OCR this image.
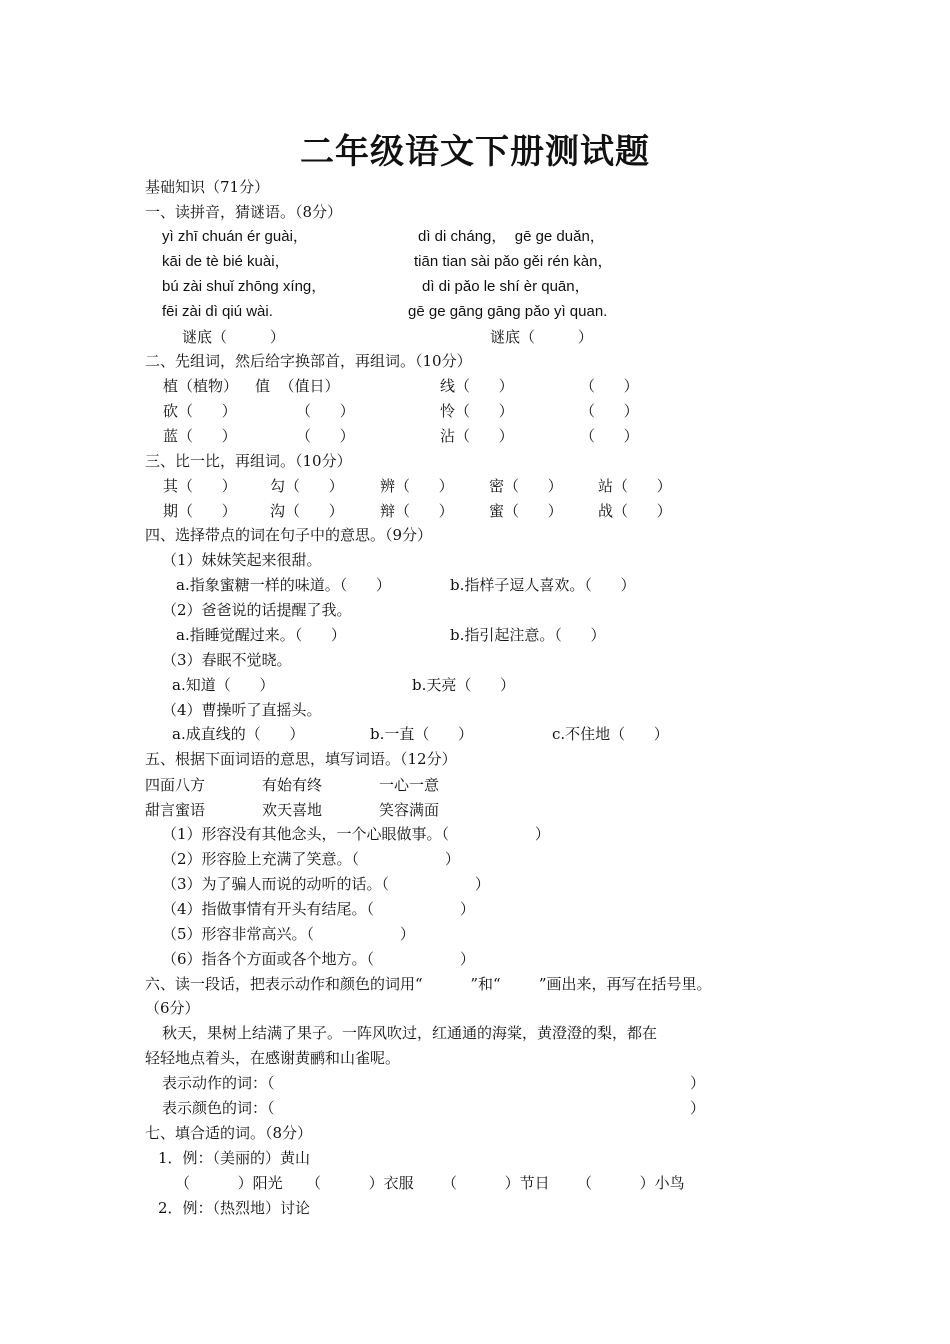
二年级语文下册测试题
基础知识（71分）
一、读拼音，猜谜语。（8分）
yì zhī chuán ér guài，
kāi de tè bié kuài，
bú zài shuǐ zhōng xíng，
fēi zài dì qiú wài.
dì di cháng，  gē ge duǎn，
tiān tian sài pǎo gěi rén kàn，
dì di pǎo le shí èr quān，
gē ge gāng gāng pǎo yì quan.
谜底（         ）	谜底（         ）
二、先组词，然后给字换部首，再组词。（10分）
植（植物） 值  （值日）	线（      ）	（      ）
砍（      ）	（      ）	怜（      ）	（      ）
蓝（      ）	（      ）	沾（      ）	（      ）
三、比一比，再组词。（10分）
其（      ） 勾（      ） 辨（      ） 密（      ） 站（      ）
期（      ） 沟（      ） 辩（      ） 蜜（      ） 战（      ）
四、选择带点的词在句子中的意思。（9分）
（1）妹妹笑起来很甜。
a.指象蜜糖一样的味道。（      ）	b.指样子逗人喜欢。（      ）
（2）爸爸说的话提醒了我。
a.指睡觉醒过来。（      ）	b.指引起注意。（      ）
（3）春眠不觉晓。
a.知道（      ）	b.天亮（      ）
（4）曹操听了直摇头。
a.成直线的（      ）	b.一直（      ）	c.不住地（      ）
五、根据下面词语的意思，填写词语。（12分）
四面八方	有始有终	一心一意
甜言蜜语	欢天喜地	笑容满面
（1）形容没有其他念头，一个心眼做事。（                  ）
（2）形容脸上充满了笑意。（                  ）
（3）为了骗人而说的动听的话。（                  ）
（4）指做事情有开头有结尾。（                  ）
（5）形容非常高兴。（                  ）
（6）指各个方面或各个地方。（                  ）
六、读一段话，把表示动作和颜色的词用“          ”和“        ”画出来，再写在括号里。
（6分）
秋天，果树上结满了果子。一阵风吹过，红通通的海棠，黄澄澄的梨，都在
轻轻地点着头，在感谢黄鹂和山雀呢。
表示动作的词：（	）
表示颜色的词：（	）
七、填合适的词。（8分）
1．例：（美丽的）黄山
（          ）阳光 （          ）衣服 （          ）节日 （          ）小鸟
2．例：（热烈地）讨论
